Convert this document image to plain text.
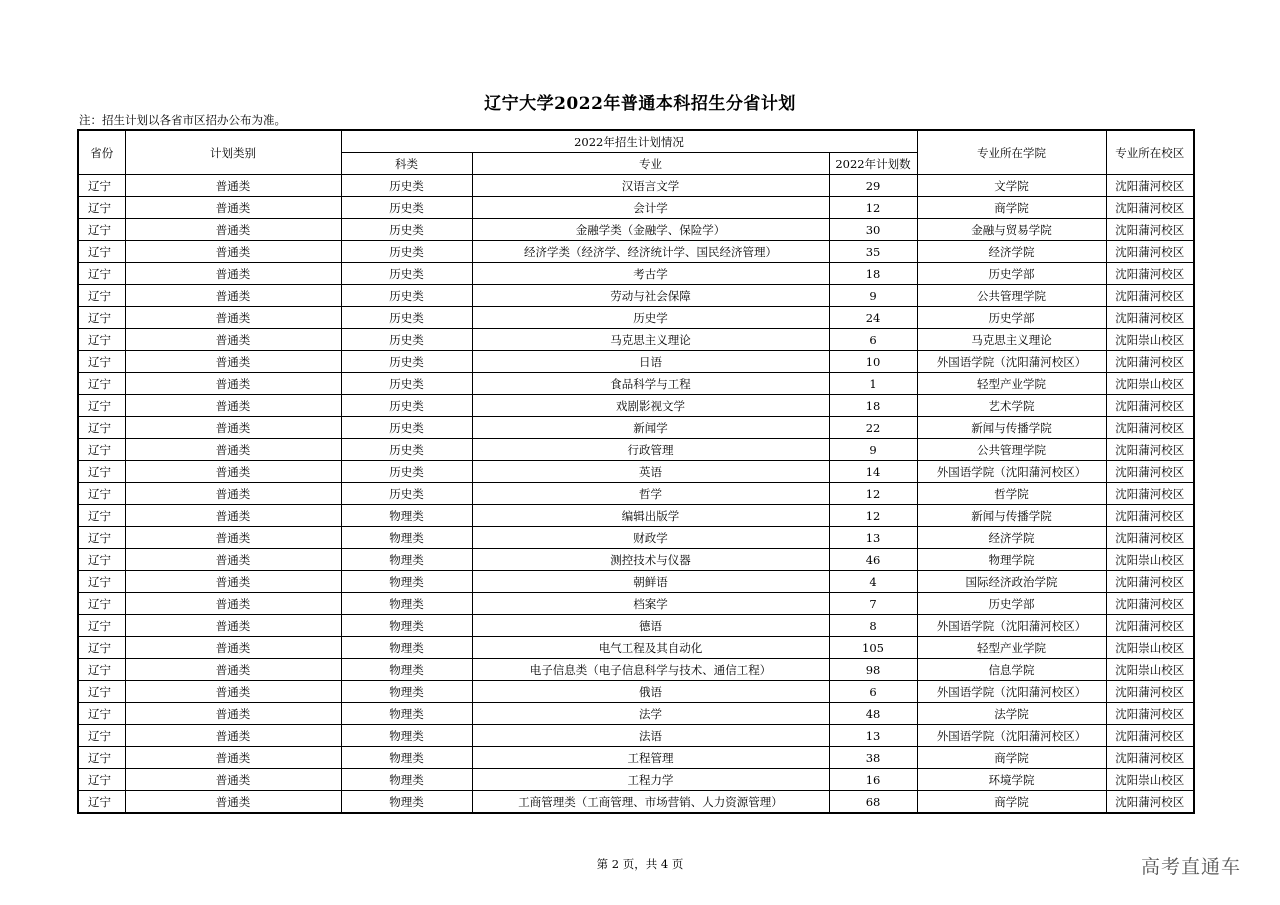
辽宁大学2022年普通本科招生分省计划
注：招生计划以各省市区招办公布为准。
省份	计划类别	2022年招生计划情况			专业所在学院	专业所在校区
		科类	专业	2022年计划数		
辽宁	普通类	历史类	汉语言文学	29	文学院	沈阳蒲河校区
辽宁	普通类	历史类	会计学	12	商学院	沈阳蒲河校区
辽宁	普通类	历史类	金融学类（金融学、保险学）	30	金融与贸易学院	沈阳蒲河校区
辽宁	普通类	历史类	经济学类（经济学、经济统计学、国民经济管理）	35	经济学院	沈阳蒲河校区
辽宁	普通类	历史类	考古学	18	历史学部	沈阳蒲河校区
辽宁	普通类	历史类	劳动与社会保障	9	公共管理学院	沈阳蒲河校区
辽宁	普通类	历史类	历史学	24	历史学部	沈阳蒲河校区
辽宁	普通类	历史类	马克思主义理论	6	马克思主义理论	沈阳崇山校区
辽宁	普通类	历史类	日语	10	外国语学院（沈阳蒲河校区）	沈阳蒲河校区
辽宁	普通类	历史类	食品科学与工程	1	轻型产业学院	沈阳崇山校区
辽宁	普通类	历史类	戏剧影视文学	18	艺术学院	沈阳蒲河校区
辽宁	普通类	历史类	新闻学	22	新闻与传播学院	沈阳蒲河校区
辽宁	普通类	历史类	行政管理	9	公共管理学院	沈阳蒲河校区
辽宁	普通类	历史类	英语	14	外国语学院（沈阳蒲河校区）	沈阳蒲河校区
辽宁	普通类	历史类	哲学	12	哲学院	沈阳蒲河校区
辽宁	普通类	物理类	编辑出版学	12	新闻与传播学院	沈阳蒲河校区
辽宁	普通类	物理类	财政学	13	经济学院	沈阳蒲河校区
辽宁	普通类	物理类	测控技术与仪器	46	物理学院	沈阳崇山校区
辽宁	普通类	物理类	朝鲜语	4	国际经济政治学院	沈阳蒲河校区
辽宁	普通类	物理类	档案学	7	历史学部	沈阳蒲河校区
辽宁	普通类	物理类	德语	8	外国语学院（沈阳蒲河校区）	沈阳蒲河校区
辽宁	普通类	物理类	电气工程及其自动化	105	轻型产业学院	沈阳崇山校区
辽宁	普通类	物理类	电子信息类（电子信息科学与技术、通信工程）	98	信息学院	沈阳崇山校区
辽宁	普通类	物理类	俄语	6	外国语学院（沈阳蒲河校区）	沈阳蒲河校区
辽宁	普通类	物理类	法学	48	法学院	沈阳蒲河校区
辽宁	普通类	物理类	法语	13	外国语学院（沈阳蒲河校区）	沈阳蒲河校区
辽宁	普通类	物理类	工程管理	38	商学院	沈阳蒲河校区
辽宁	普通类	物理类	工程力学	16	环境学院	沈阳崇山校区
辽宁	普通类	物理类	工商管理类（工商管理、市场营销、人力资源管理）	68	商学院	沈阳蒲河校区
第 2 页，共 4 页	高考直通车
